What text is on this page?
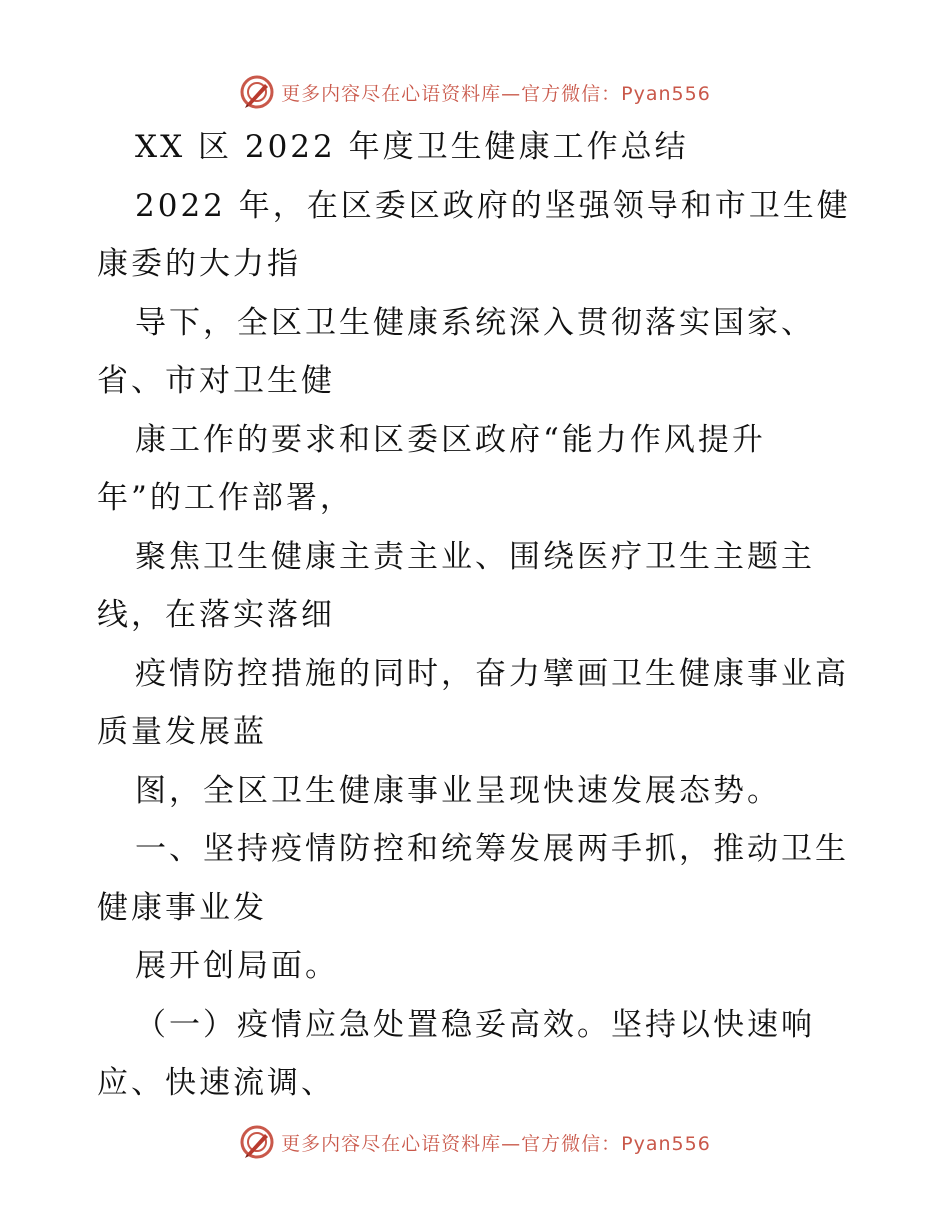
更多内容尽在心语资料库—官方微信：Pyan556
XX 区 2022 年度卫生健康工作总结
2022 年，在区委区政府的坚强领导和市卫生健
康委的大力指
导下，全区卫生健康系统深入贯彻落实国家、
省、市对卫生健
康工作的要求和区委区政府“能力作风提升
年”的工作部署，
聚焦卫生健康主责主业、围绕医疗卫生主题主
线，在落实落细
疫情防控措施的同时，奋力擘画卫生健康事业高
质量发展蓝
图，全区卫生健康事业呈现快速发展态势。
一、坚持疫情防控和统筹发展两手抓，推动卫生
健康事业发
展开创局面。
（一）疫情应急处置稳妥高效。坚持以快速响
应、快速流调、
更多内容尽在心语资料库—官方微信：Pyan556
